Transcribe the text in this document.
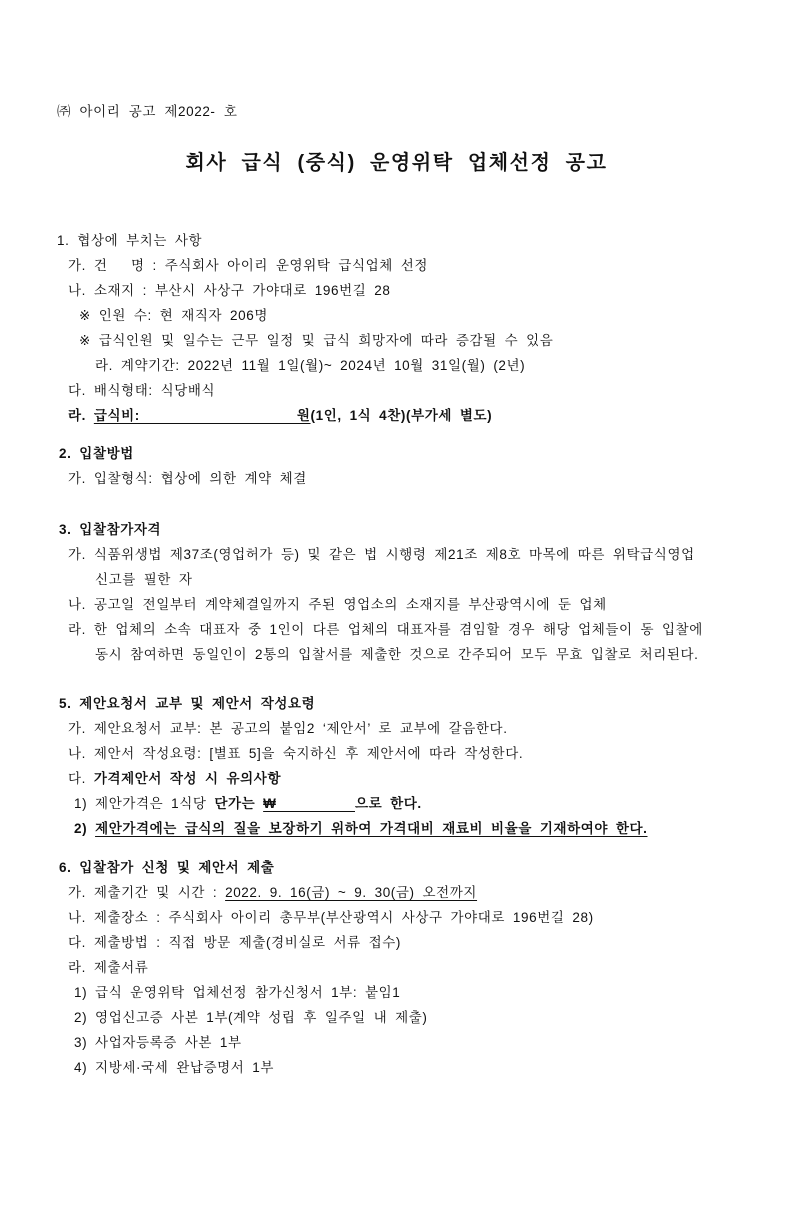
㈜ 아이리 공고 제2022- 호
회사 급식 (중식) 운영위탁 업체선정 공고
1. 협상에 부치는 사항
가. 건   명 : 주식회사 아이리 운영위탁 급식업체 선정
나. 소재지 : 부산시 사상구 가야대로 196번길 28
※ 인원 수: 현 재직자 206명
※ 급식인원 및 일수는 근무 일정 및 급식 희망자에 따라 증감될 수 있음
라. 계약기간: 2022년 11월 1일(월)~ 2024년 10월 31일(월) (2년)
다. 배식형태: 식당배식
라. 급식비:                    원(1인, 1식 4찬)(부가세 별도)
2. 입찰방법
가. 입찰형식: 협상에 의한 계약 체결
3. 입찰참가자격
가. 식품위생법 제37조(영업허가 등) 및 같은 법 시행령 제21조 제8호 마목에 따른 위탁급식영업
신고를 필한 자
나. 공고일 전일부터 계약체결일까지 주된 영업소의 소재지를 부산광역시에 둔 업체
라. 한 업체의 소속 대표자 중 1인이 다른 업체의 대표자를 겸임할 경우 해당 업체들이 동 입찰에
동시 참여하면 동일인이 2통의 입찰서를 제출한 것으로 간주되어 모두 무효 입찰로 처리된다.
5. 제안요청서 교부 및 제안서 작성요령
가. 제안요청서 교부: 본 공고의 붙임2 ‘제안서’ 로 교부에 갈음한다.
나. 제안서 작성요령: [별표 5]을 숙지하신 후 제안서에 따라 작성한다.
다. 가격제안서 작성 시 유의사항
1) 제안가격은 1식당 단가는 ₩          으로 한다.
2) 제안가격에는 급식의 질을 보장하기 위하여 가격대비 재료비 비율을 기재하여야 한다.
6. 입찰참가 신청 및 제안서 제출
가. 제출기간 및 시간 : 2022. 9. 16(금) ~ 9. 30(금) 오전까지
나. 제출장소 : 주식회사 아이리 총무부(부산광역시 사상구 가야대로 196번길 28)
다. 제출방법 : 직접 방문 제출(경비실로 서류 접수)
라. 제출서류
1) 급식 운영위탁 업체선정 참가신청서 1부: 붙임1
2) 영업신고증 사본 1부(계약 성립 후 일주일 내 제출)
3) 사업자등록증 사본 1부
4) 지방세·국세 완납증명서 1부
